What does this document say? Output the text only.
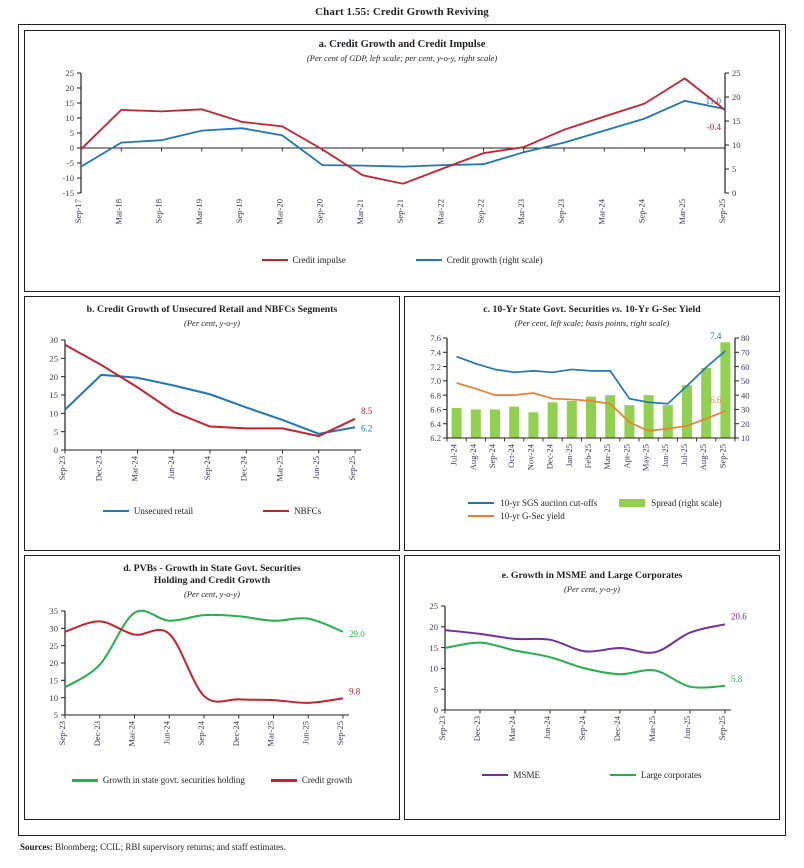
Chart 1.55: Credit Growth Reviving
a. Credit Growth and Credit Impulse
(Per cent of GDP, left scale; per cent, y-o-y, right scale)
-15
-10
-5
0
5
10
15
20
25
0
5
10
15
20
25
11.0
-0.4
Sep-17	Mar-18	Sep-18	Mar-19	Sep-19	Mar-20	Sep-20	Mar-21	Sep-21	Mar-22	Sep-22	Mar-23	Sep-23	Mar-24	Sep-24	Mar-25	Sep-25
Credit impulse	Credit growth (right scale)
b. Credit Growth of Unsecured Retail and NBFCs Segments
(Per cent, y-o-y)
0
5
10
15
20
25
30
8.5
6.2
Sep-23	Dec-23	Mar-24	Jun-24	Sep-24	Dec-24	Mar-25	Jun-25	Sep-25
Unsecured retail	NBFCs
c. 10-Yr State Govt. Securities vs. 10-Yr G-Sec Yield
(Per cent, left scale; basis points, right scale)
6.2
6.4
6.6
6.8
7.0
7.2
7.4
7.6
10
20
30
40
50
60
70
80
7.4
6.6
Jul-24 Aug-24 Sep-24 Oct-24 Nov-24 Dec-24 Jan-25 Feb-25 Mar-25 Apr-25 May-25 Jun-25 Jul-25 Aug-25 Sep-25
10-yr SGS auction cut-offs	Spread (right scale)
10-yr G-Sec yield
d. PVBs - Growth in State Govt. Securities
Holding and Credit Growth
(Per cent, y-o-y)
5
10
15
20
25
30
35
29.0
9.8
Sep-23	Dec-23	Mar-24	Jun-24	Sep-24	Dec-24	Mar-25	Jun-25	Sep-25
Growth in state govt. securities holding	Credit growth
e. Growth in MSME and Large Corporates
(Per cent, y-o-y)
0
5
10
15
20
25
20.6
5.8
Sep-23	Dec-23	Mar-24	Jun-24	Sep-24	Dec-24	Mar-25	Jun-25	Sep-25
MSME	Large corporates
Sources: Bloomberg; CCIL; RBI supervisory returns; and staff estimates.
